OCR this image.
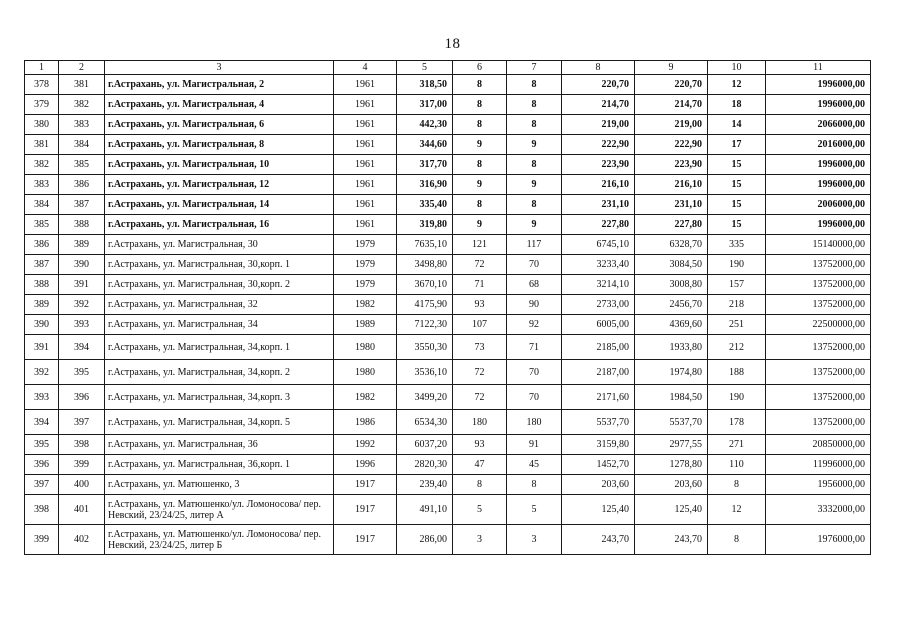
18
1	2	3	4	5	6	7	8	9	10	11
378	381	г.Астрахань, ул. Магистральная, 2	1961	318,50	8	8	220,70	220,70	12	1996000,00
379	382	г.Астрахань, ул. Магистральная, 4	1961	317,00	8	8	214,70	214,70	18	1996000,00
380	383	г.Астрахань, ул. Магистральная, 6	1961	442,30	8	8	219,00	219,00	14	2066000,00
381	384	г.Астрахань, ул. Магистральная, 8	1961	344,60	9	9	222,90	222,90	17	2016000,00
382	385	г.Астрахань, ул. Магистральная, 10	1961	317,70	8	8	223,90	223,90	15	1996000,00
383	386	г.Астрахань, ул. Магистральная, 12	1961	316,90	9	9	216,10	216,10	15	1996000,00
384	387	г.Астрахань, ул. Магистральная, 14	1961	335,40	8	8	231,10	231,10	15	2006000,00
385	388	г.Астрахань, ул. Магистральная, 16	1961	319,80	9	9	227,80	227,80	15	1996000,00
386	389	г.Астрахань, ул. Магистральная, 30	1979	7635,10	121	117	6745,10	6328,70	335	15140000,00
387	390	г.Астрахань, ул. Магистральная, 30,корп. 1	1979	3498,80	72	70	3233,40	3084,50	190	13752000,00
388	391	г.Астрахань, ул. Магистральная, 30,корп. 2	1979	3670,10	71	68	3214,10	3008,80	157	13752000,00
389	392	г.Астрахань, ул. Магистральная, 32	1982	4175,90	93	90	2733,00	2456,70	218	13752000,00
390	393	г.Астрахань, ул. Магистральная, 34	1989	7122,30	107	92	6005,00	4369,60	251	22500000,00
391	394	г.Астрахань, ул. Магистральная, 34,корп. 1	1980	3550,30	73	71	2185,00	1933,80	212	13752000,00
392	395	г.Астрахань, ул. Магистральная, 34,корп. 2	1980	3536,10	72	70	2187,00	1974,80	188	13752000,00
393	396	г.Астрахань, ул. Магистральная, 34,корп. 3	1982	3499,20	72	70	2171,60	1984,50	190	13752000,00
394	397	г.Астрахань, ул. Магистральная, 34,корп. 5	1986	6534,30	180	180	5537,70	5537,70	178	13752000,00
395	398	г.Астрахань, ул. Магистральная, 36	1992	6037,20	93	91	3159,80	2977,55	271	20850000,00
396	399	г.Астрахань, ул. Магистральная, 36,корп. 1	1996	2820,30	47	45	1452,70	1278,80	110	11996000,00
397	400	г.Астрахань, ул. Матюшенко, 3	1917	239,40	8	8	203,60	203,60	8	1956000,00
398	401	г.Астрахань, ул. Матюшенко/ул. Ломоносова/ пер. Невский, 23/24/25, литер А	1917	491,10	5	5	125,40	125,40	12	3332000,00
399	402	г.Астрахань, ул. Матюшенко/ул. Ломоносова/ пер. Невский, 23/24/25, литер Б	1917	286,00	3	3	243,70	243,70	8	1976000,00
